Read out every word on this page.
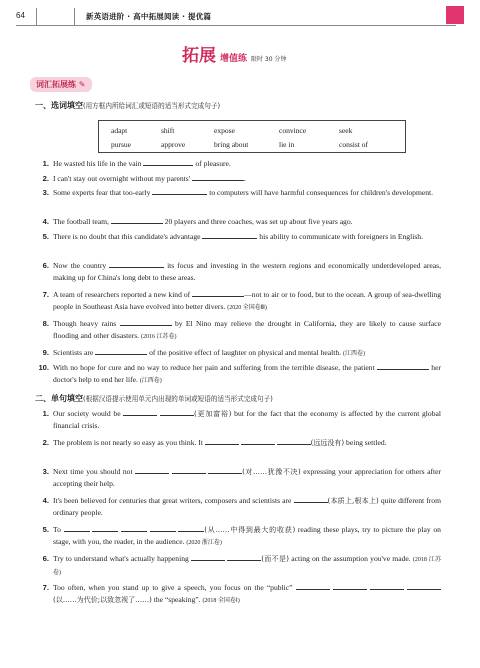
64	新英语进阶 · 高中拓展阅读 · 提优篇
拓展 增值练 限时 30 分钟
词汇拓展练 ✎
一、选词填空(用方框内所给词汇或短语的适当形式完成句子)
adapt	shift	expose	convince	seek
pursue	approve	bring about	lie in	consist of
1. He wasted his life in the vain	of pleasure.
2. I can't stay out overnight without my parents'	.
3. Some experts fear that too-early	to computers will have harmful consequences for children's development.
4. The football team,	20 players and three coaches, was set up about five years ago.
5. There is no doubt that this candidate's advantage	his ability to communicate with foreigners in English.
6. Now the country	its focus and investing in the western regions and economically underdeveloped areas, making up for China's long debt to these areas.
7. A team of researchers reported a new kind of	—not to air or to food, but to the ocean. A group of sea-dwelling people in Southeast Asia have evolved into better divers. (2020 全国卷Ⅲ)
8. Though heavy rains	by El Nino may relieve the drought in California, they are likely to cause surface flooding and other disasters. (2016 江苏卷)
9. Scientists are	of the positive effect of laughter on physical and mental health. (江西卷)
10. With no hope for cure and no way to reduce her pain and suffering from the terrible disease, the patient	her doctor's help to end her life. (江西卷)
二、单句填空(根据汉语提示使用单元内出现的单词或短语的适当形式完成句子)
1. Our society would be	(更加富裕) but for the fact that the economy is affected by the current global financial crisis.
2. The problem is not nearly so easy as you think. It	(远远没有) being settled.
3. Next time you should not	(对……犹豫不决) expressing your appreciation for others after accepting their help.
4. It's been believed for centuries that great writers, composers and scientists are	(本质上,根本上) quite different from ordinary people.
5. To	(从……中得到最大的收获) reading these plays, try to picture the play on stage, with you, the reader, in the audience. (2020 浙江卷)
6. Try to understand what's actually happening	(而不是) acting on the assumption you've made. (2018 江苏卷)
7. Too often, when you stand up to give a speech, you focus on the “public”    (以……为代价;以致忽视了……) the “speaking”. (2018 全国卷Ⅰ)
